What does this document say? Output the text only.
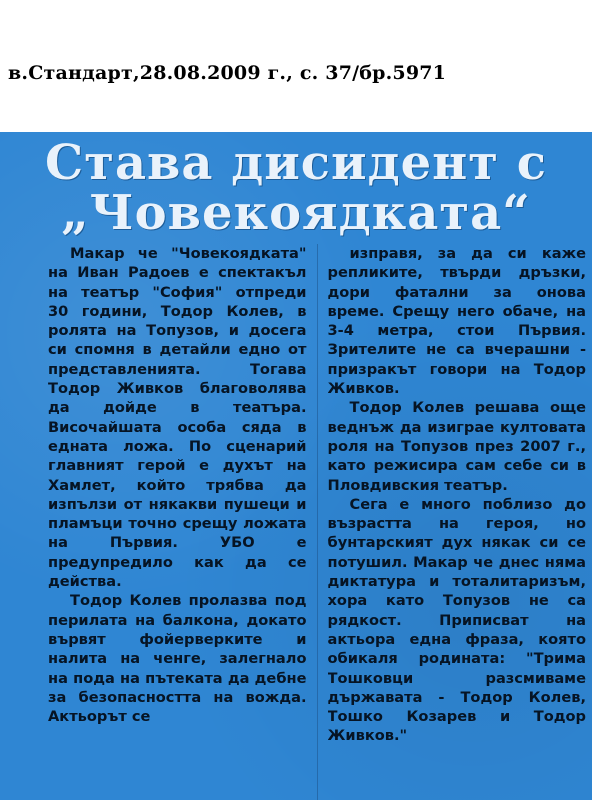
в.Стандарт,28.08.2009 г., с. 37/бр.5971
Става дисидент с
„Човекоядката“

Макар че "Човекоядката" на Иван Радоев е спектакъл на театър "София" отпреди 30 години, Тодор Колев, в ролята на Топузов, и досега си спомня в детайли едно от представленията. Тогава Тодор Живков благоволява да дойде в театъра. Височайшата особа сяда в едната ложа. По сценарий главният герой е духът на Хамлет, който трябва да изпълзи от някакви пушеци и пламъци точно срещу ложата на Първия. УБО е предупредило как да се действа.

Тодор Колев пролазва под перилата на балкона, докато вървят фойерверките и налита на ченге, залегнало на пода на пътеката да дебне за безопасността на вожда. Актьорът се

изправя, за да си каже репликите, твърди дръзки, дори фатални за онова време. Срещу него обаче, на 3-4 метра, стои Първия. Зрителите не са вчерашни - призракът говори на Тодор Живков.

Тодор Колев решава още веднъж да изиграе култовата роля на Топузов през 2007 г., като режисира сам себе си в Пловдивския театър.

Сега е много поблизо до възрастта на героя, но бунтарският дух някак си се потушил. Макар че днес няма диктатура и тоталитаризъм, хора като Топузов не са рядкост. Приписват на актьора една фраза, която обикаля родината: "Трима Тошковци разсмиваме държавата - Тодор Колев, Тошко Козарев и Тодор Живков."
